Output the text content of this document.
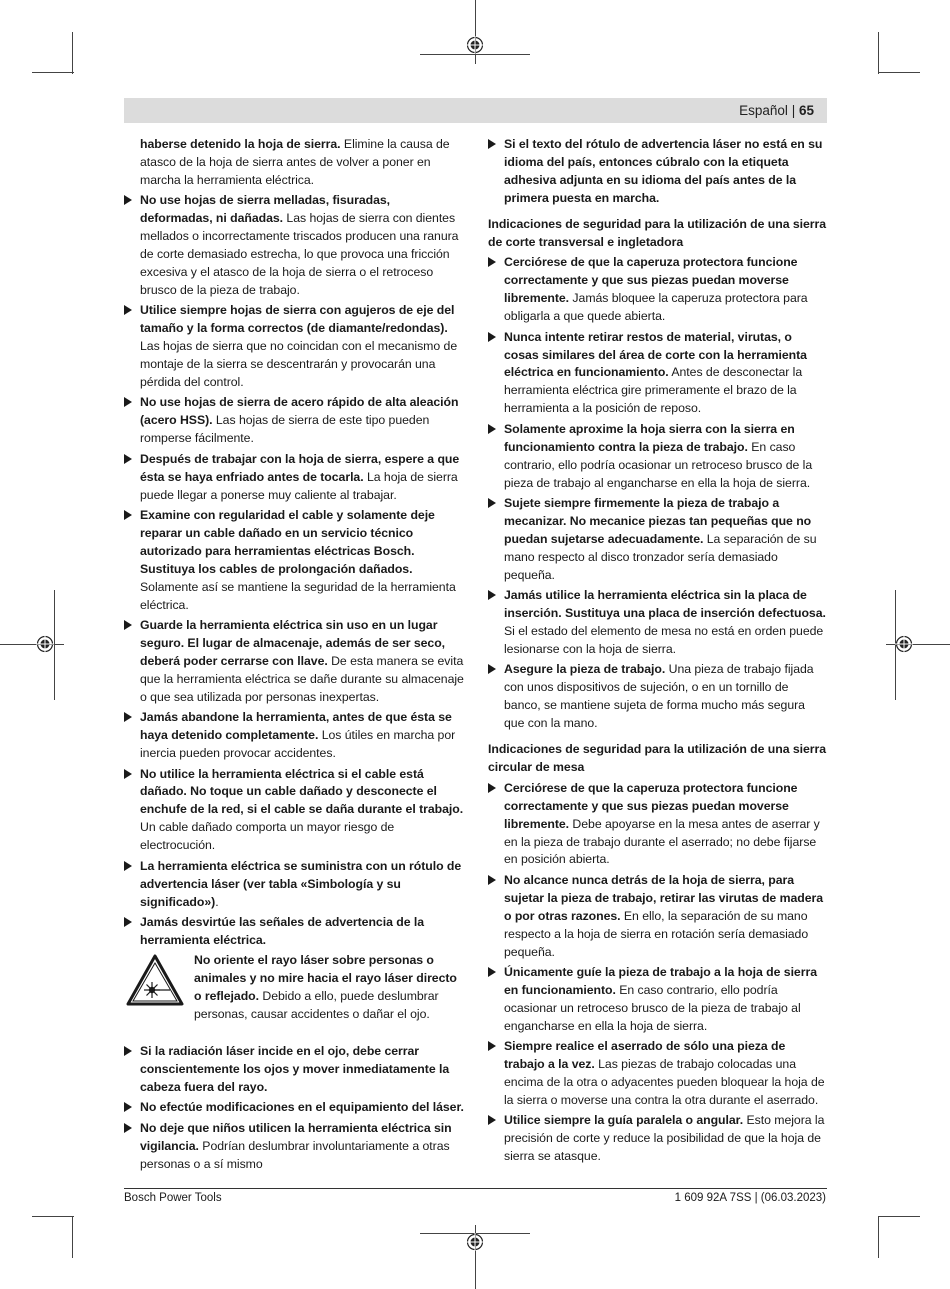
Español | 65

haberse detenido la hoja de sierra. Elimine la causa de atasco de la hoja de sierra antes de volver a poner en marcha la herramienta eléctrica.

No use hojas de sierra melladas, fisuradas, deformadas, ni dañadas. Las hojas de sierra con dientes mellados o incorrectamente triscados producen una ranura de corte demasiado estrecha, lo que provoca una fricción excesiva y el atasco de la hoja de sierra o el retroceso brusco de la pieza de trabajo.
Utilice siempre hojas de sierra con agujeros de eje del tamaño y la forma correctos (de diamante/redondas). Las hojas de sierra que no coincidan con el mecanismo de montaje de la sierra se descentrarán y provocarán una pérdida del control.
No use hojas de sierra de acero rápido de alta aleación (acero HSS). Las hojas de sierra de este tipo pueden romperse fácilmente.
Después de trabajar con la hoja de sierra, espere a que ésta se haya enfriado antes de tocarla. La hoja de sierra puede llegar a ponerse muy caliente al trabajar.
Examine con regularidad el cable y solamente deje reparar un cable dañado en un servicio técnico autorizado para herramientas eléctricas Bosch. Sustituya los cables de prolongación dañados. Solamente así se mantiene la seguridad de la herramienta eléctrica.
Guarde la herramienta eléctrica sin uso en un lugar seguro. El lugar de almacenaje, además de ser seco, deberá poder cerrarse con llave. De esta manera se evita que la herramienta eléctrica se dañe durante su almacenaje o que sea utilizada por personas inexpertas.
Jamás abandone la herramienta, antes de que ésta se haya detenido completamente. Los útiles en marcha por inercia pueden provocar accidentes.
No utilice la herramienta eléctrica si el cable está dañado. No toque un cable dañado y desconecte el enchufe de la red, si el cable se daña durante el trabajo. Un cable dañado comporta un mayor riesgo de electrocución.
La herramienta eléctrica se suministra con un rótulo de advertencia láser (ver tabla «Simbología y su significado»).
Jamás desvirtúe las señales de advertencia de la herramienta eléctrica.
No oriente el rayo láser sobre personas o animales y no mire hacia el rayo láser directo o reflejado. Debido a ello, puede deslumbrar personas, causar accidentes o dañar el ojo.
Si la radiación láser incide en el ojo, debe cerrar conscientemente los ojos y mover inmediatamente la cabeza fuera del rayo.
No efectúe modificaciones en el equipamiento del láser.
No deje que niños utilicen la herramienta eléctrica sin vigilancia. Podrían deslumbrar involuntariamente a otras personas o a sí mismo
Si el texto del rótulo de advertencia láser no está en su idioma del país, entonces cúbralo con la etiqueta adhesiva adjunta en su idioma del país antes de la primera puesta en marcha.
Indicaciones de seguridad para la utilización de una sierra de corte transversal e ingletadora
Cerciórese de que la caperuza protectora funcione correctamente y que sus piezas puedan moverse libremente. Jamás bloquee la caperuza protectora para obligarla a que quede abierta.
Nunca intente retirar restos de material, virutas, o cosas similares del área de corte con la herramienta eléctrica en funcionamiento. Antes de desconectar la herramienta eléctrica gire primeramente el brazo de la herramienta a la posición de reposo.
Solamente aproxime la hoja sierra con la sierra en funcionamiento contra la pieza de trabajo. En caso contrario, ello podría ocasionar un retroceso brusco de la pieza de trabajo al engancharse en ella la hoja de sierra.
Sujete siempre firmemente la pieza de trabajo a mecanizar. No mecanice piezas tan pequeñas que no puedan sujetarse adecuadamente. La separación de su mano respecto al disco tronzador sería demasiado pequeña.
Jamás utilice la herramienta eléctrica sin la placa de inserción. Sustituya una placa de inserción defectuosa. Si el estado del elemento de mesa no está en orden puede lesionarse con la hoja de sierra.
Asegure la pieza de trabajo. Una pieza de trabajo fijada con unos dispositivos de sujeción, o en un tornillo de banco, se mantiene sujeta de forma mucho más segura que con la mano.
Indicaciones de seguridad para la utilización de una sierra circular de mesa
Cerciórese de que la caperuza protectora funcione correctamente y que sus piezas puedan moverse libremente. Debe apoyarse en la mesa antes de aserrar y en la pieza de trabajo durante el aserrado; no debe fijarse en posición abierta.
No alcance nunca detrás de la hoja de sierra, para sujetar la pieza de trabajo, retirar las virutas de madera o por otras razones. En ello, la separación de su mano respecto a la hoja de sierra en rotación sería demasiado pequeña.
Únicamente guíe la pieza de trabajo a la hoja de sierra en funcionamiento. En caso contrario, ello podría ocasionar un retroceso brusco de la pieza de trabajo al engancharse en ella la hoja de sierra.
Siempre realice el aserrado de sólo una pieza de trabajo a la vez. Las piezas de trabajo colocadas una encima de la otra o adyacentes pueden bloquear la hoja de la sierra o moverse una contra la otra durante el aserrado.
Utilice siempre la guía paralela o angular. Esto mejora la precisión de corte y reduce la posibilidad de que la hoja de sierra se atasque.
Bosch Power Tools	1 609 92A 7SS | (06.03.2023)
